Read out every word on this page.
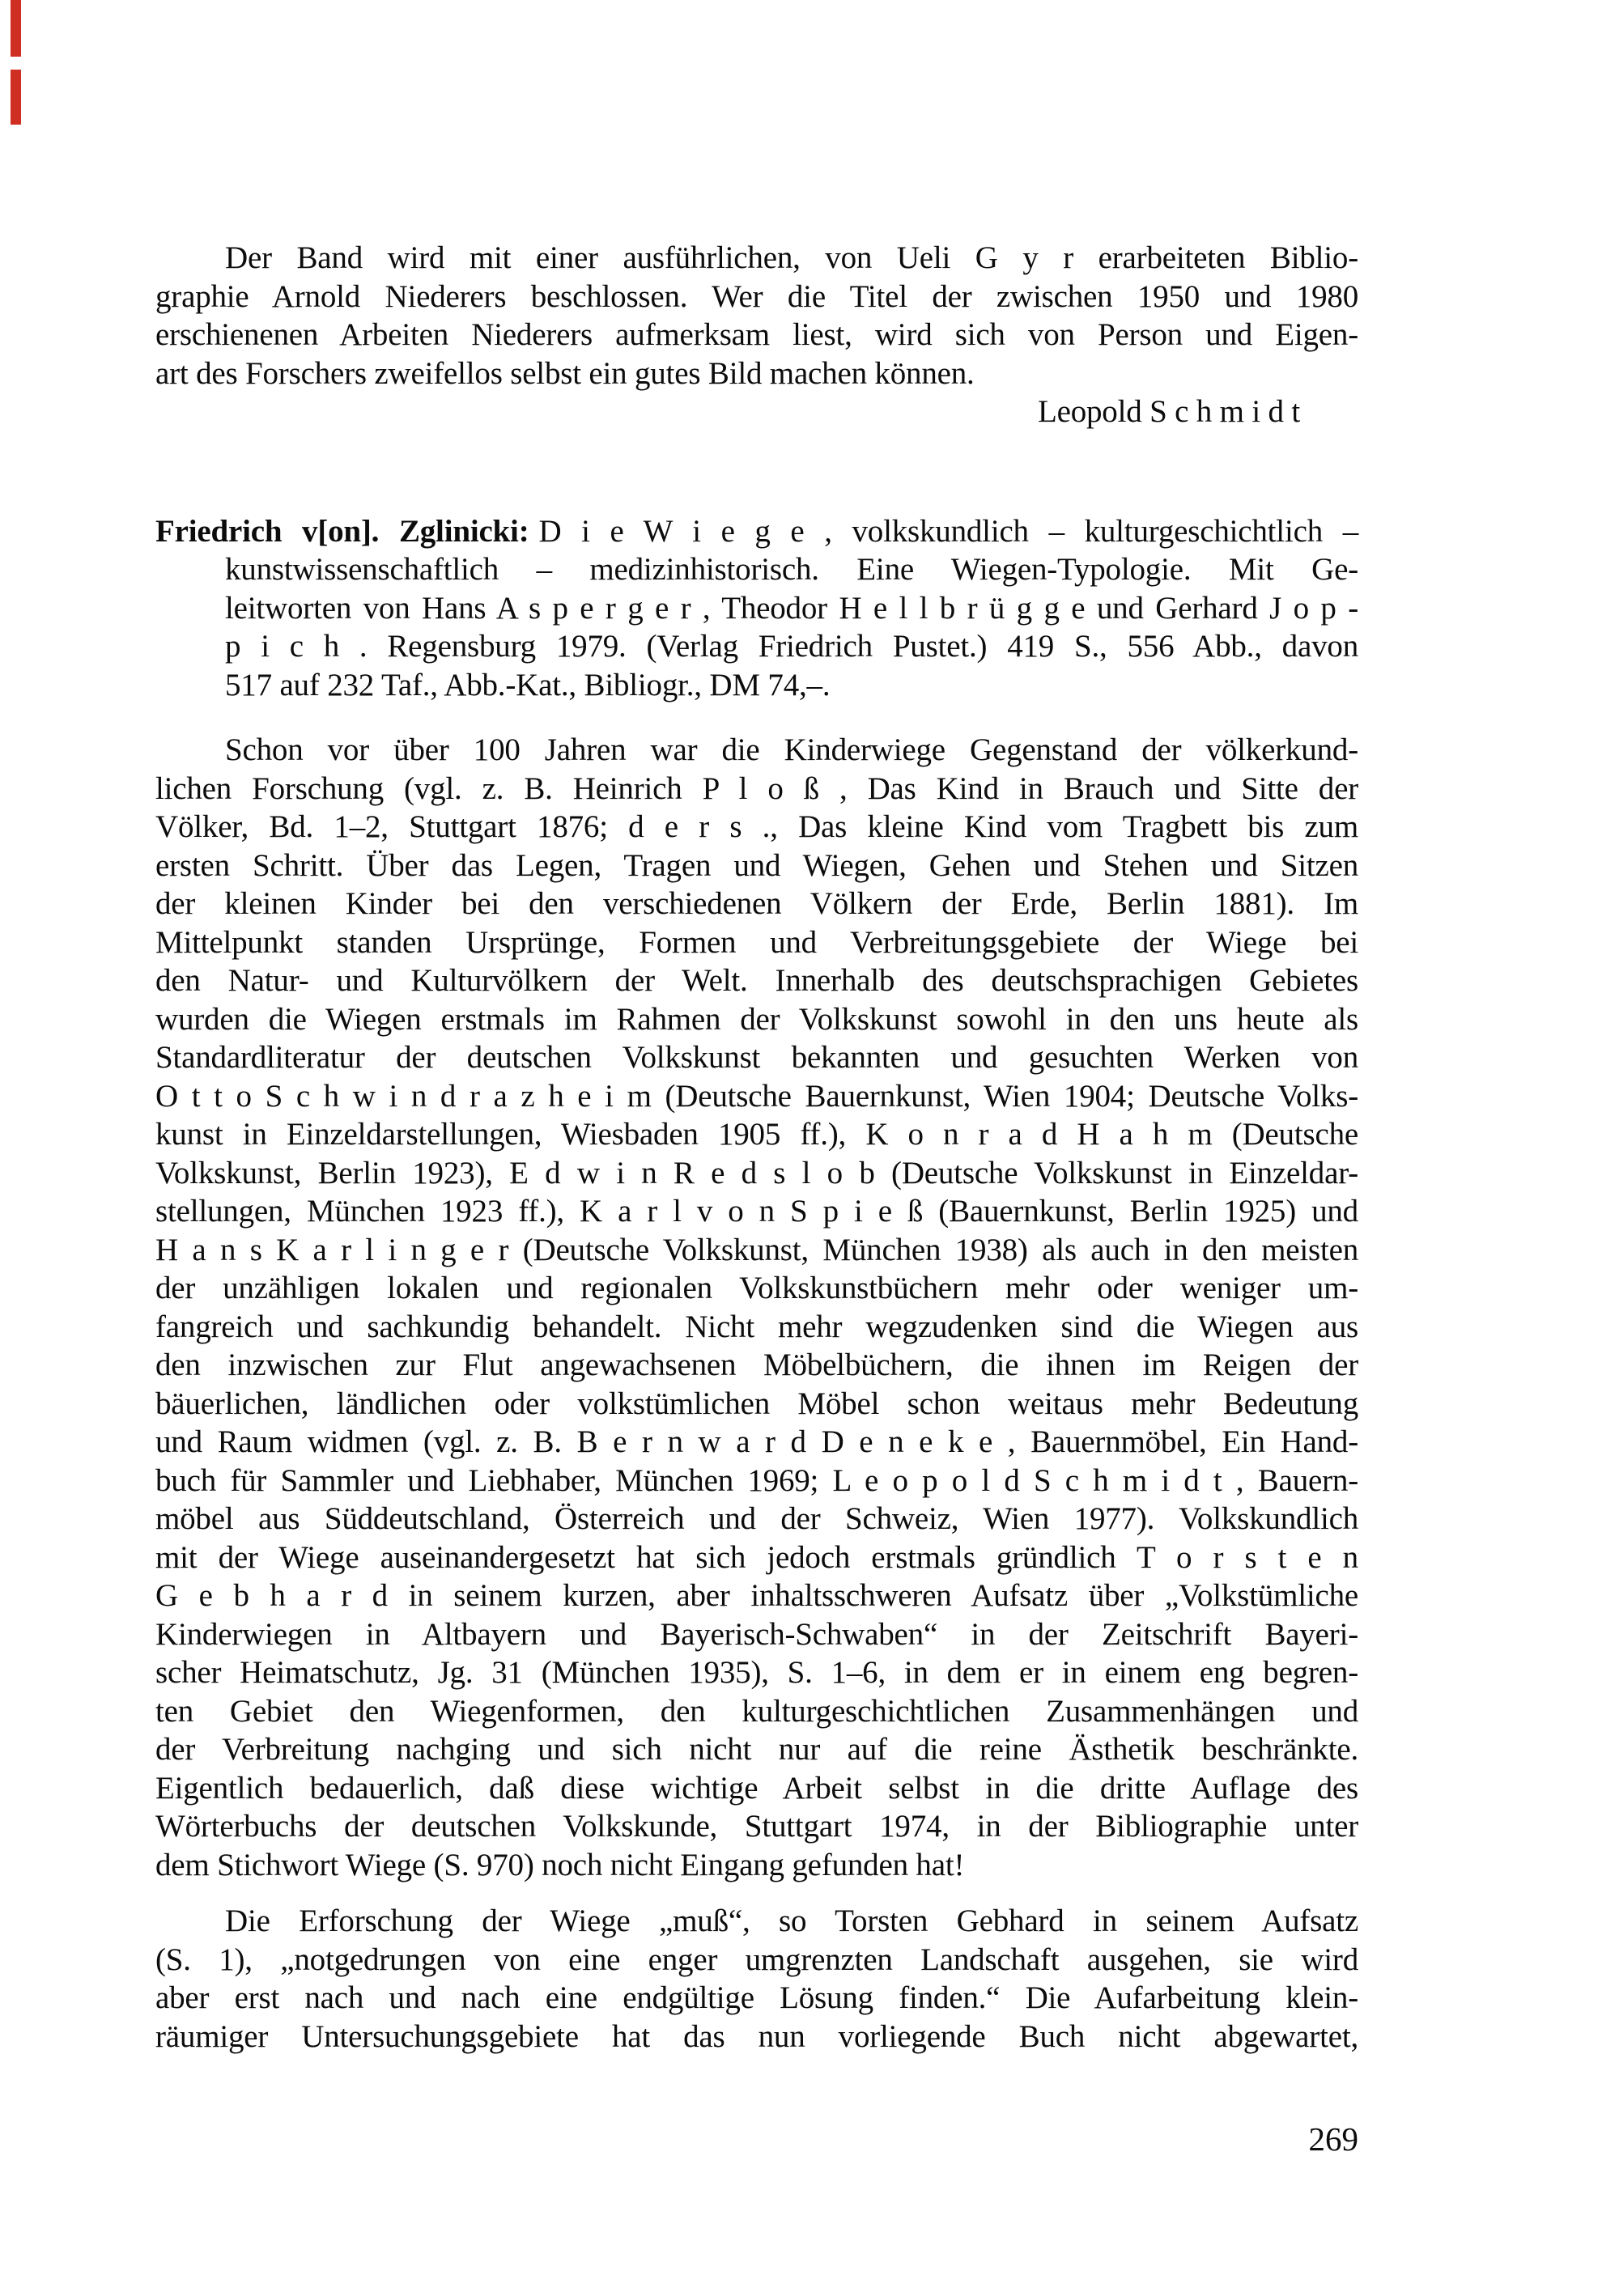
Der Band wird mit einer ausführlichen, von Ueli G y r erarbeiteten Biblio-
graphie Arnold Niederers beschlossen. Wer die Titel der zwischen 1950 und 1980
erschienenen Arbeiten Niederers aufmerksam liest, wird sich von Person und Eigen-
art des Forschers zweifellos selbst ein gutes Bild machen können.
Leopold S c h m i d t
Friedrich v[on]. Zglinicki: D i e W i e g e , volkskundlich – kulturgeschichtlich –
kunstwissenschaftlich – medizinhistorisch. Eine Wiegen-Typologie. Mit Ge-
leitworten von Hans A s p e r g e r , Theodor H e l l b r ü g g e und Gerhard J o p -
p i c h . Regensburg 1979. (Verlag Friedrich Pustet.) 419 S., 556 Abb., davon
517 auf 232 Taf., Abb.-Kat., Bibliogr., DM 74,–.
Schon vor über 100 Jahren war die Kinderwiege Gegenstand der völkerkund-
lichen Forschung (vgl. z. B. Heinrich P l o ß , Das Kind in Brauch und Sitte der
Völker, Bd. 1–2, Stuttgart 1876; d e r s ., Das kleine Kind vom Tragbett bis zum
ersten Schritt. Über das Legen, Tragen und Wiegen, Gehen und Stehen und Sitzen
der kleinen Kinder bei den verschiedenen Völkern der Erde, Berlin 1881). Im
Mittelpunkt standen Ursprünge, Formen und Verbreitungsgebiete der Wiege bei
den Natur- und Kulturvölkern der Welt. Innerhalb des deutschsprachigen Gebietes
wurden die Wiegen erstmals im Rahmen der Volkskunst sowohl in den uns heute als
Standardliteratur der deutschen Volkskunst bekannten und gesuchten Werken von
O t t o S c h w i n d r a z h e i m (Deutsche Bauernkunst, Wien 1904; Deutsche Volks-
kunst in Einzeldarstellungen, Wiesbaden 1905 ff.), K o n r a d H a h m (Deutsche
Volkskunst, Berlin 1923), E d w i n R e d s l o b (Deutsche Volkskunst in Einzeldar-
stellungen, München 1923 ff.), K a r l v o n S p i e ß (Bauernkunst, Berlin 1925) und
H a n s K a r l i n g e r (Deutsche Volkskunst, München 1938) als auch in den meisten
der unzähligen lokalen und regionalen Volkskunstbüchern mehr oder weniger um-
fangreich und sachkundig behandelt. Nicht mehr wegzudenken sind die Wiegen aus
den inzwischen zur Flut angewachsenen Möbelbüchern, die ihnen im Reigen der
bäuerlichen, ländlichen oder volkstümlichen Möbel schon weitaus mehr Bedeutung
und Raum widmen (vgl. z. B. B e r n w a r d D e n e k e , Bauernmöbel, Ein Hand-
buch für Sammler und Liebhaber, München 1969; L e o p o l d S c h m i d t , Bauern-
möbel aus Süddeutschland, Österreich und der Schweiz, Wien 1977). Volkskundlich
mit der Wiege auseinandergesetzt hat sich jedoch erstmals gründlich T o r s t e n
G e b h a r d in seinem kurzen, aber inhaltsschweren Aufsatz über „Volkstümliche
Kinderwiegen in Altbayern und Bayerisch-Schwaben“ in der Zeitschrift Bayeri-
scher Heimatschutz, Jg. 31 (München 1935), S. 1–6, in dem er in einem eng begren-
ten Gebiet den Wiegenformen, den kulturgeschichtlichen Zusammenhängen und
der Verbreitung nachging und sich nicht nur auf die reine Ästhetik beschränkte.
Eigentlich bedauerlich, daß diese wichtige Arbeit selbst in die dritte Auflage des
Wörterbuchs der deutschen Volkskunde, Stuttgart 1974, in der Bibliographie unter
dem Stichwort Wiege (S. 970) noch nicht Eingang gefunden hat!
Die Erforschung der Wiege „muß“, so Torsten Gebhard in seinem Aufsatz
(S. 1), „notgedrungen von eine enger umgrenzten Landschaft ausgehen, sie wird
aber erst nach und nach eine endgültige Lösung finden.“ Die Aufarbeitung klein-
räumiger Untersuchungsgebiete hat das nun vorliegende Buch nicht abgewartet,
269
